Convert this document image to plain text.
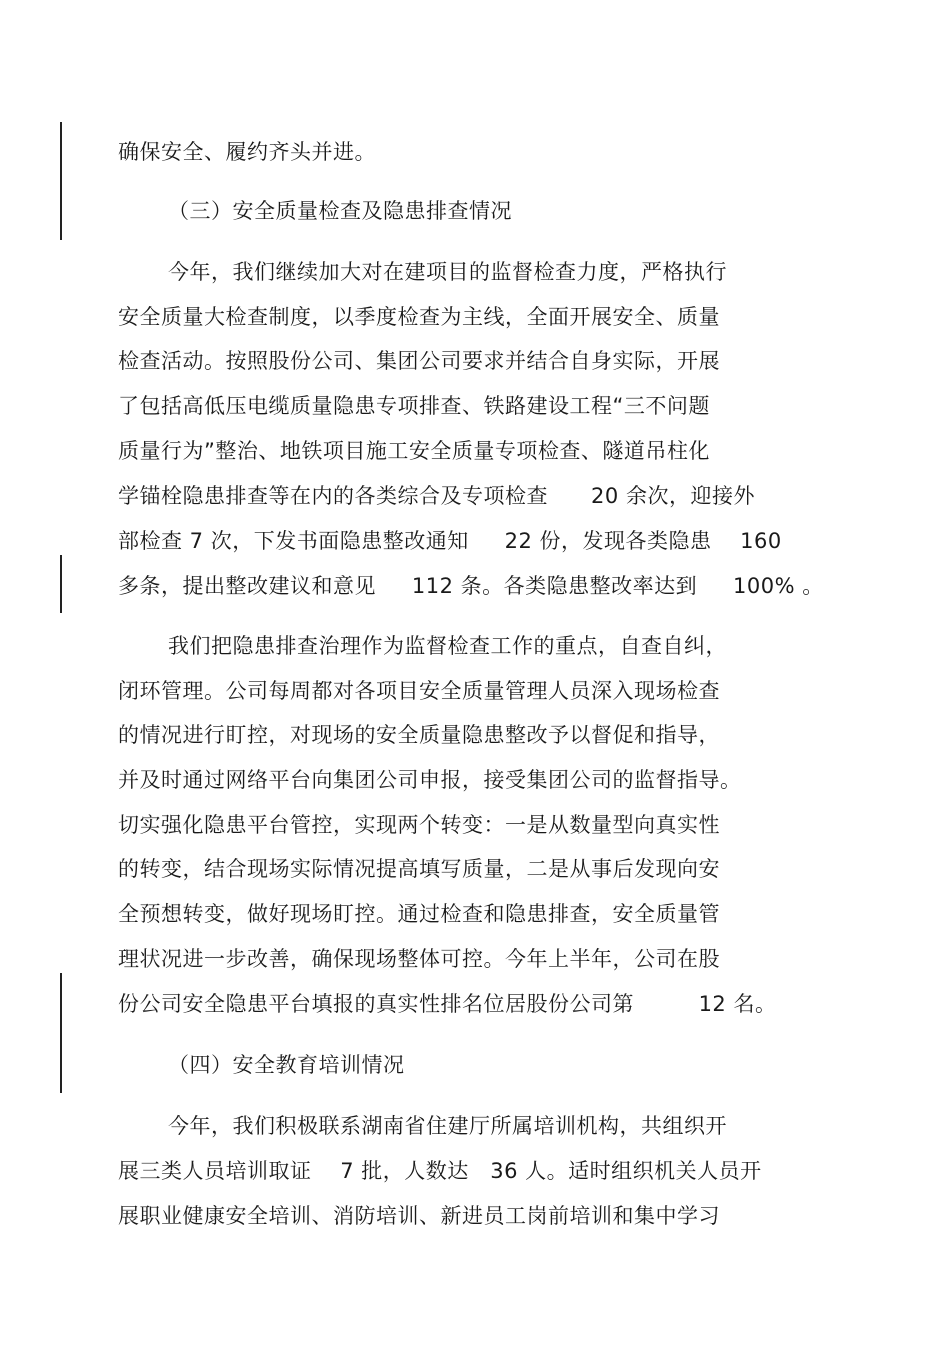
确保安全、履约齐头并进。
（三）安全质量检查及隐患排查情况
今年，我们继续加大对在建项目的监督检查力度，严格执行
安全质量大检查制度，以季度检查为主线，全面开展安全、质量
检查活动。按照股份公司、集团公司要求并结合自身实际，开展
了包括高低压电缆质量隐患专项排查、铁路建设工程“三不问题
质量行为”整治、地铁项目施工安全质量专项检查、隧道吊柱化
学锚栓隐患排查等在内的各类综合及专项检查      20 余次，迎接外
部检查 7 次，下发书面隐患整改通知     22 份，发现各类隐患    160
多条，提出整改建议和意见     112 条。各类隐患整改率达到     100% 。
我们把隐患排查治理作为监督检查工作的重点，自查自纠，
闭环管理。公司每周都对各项目安全质量管理人员深入现场检查
的情况进行盯控，对现场的安全质量隐患整改予以督促和指导，
并及时通过网络平台向集团公司申报，接受集团公司的监督指导。
切实强化隐患平台管控，实现两个转变：一是从数量型向真实性
的转变，结合现场实际情况提高填写质量，二是从事后发现向安
全预想转变，做好现场盯控。通过检查和隐患排查，安全质量管
理状况进一步改善，确保现场整体可控。今年上半年，公司在股
份公司安全隐患平台填报的真实性排名位居股份公司第         12 名。
（四）安全教育培训情况
今年，我们积极联系湖南省住建厅所属培训机构，共组织开
展三类人员培训取证    7 批，人数达   36 人。适时组织机关人员开
展职业健康安全培训、消防培训、新进员工岗前培训和集中学习
